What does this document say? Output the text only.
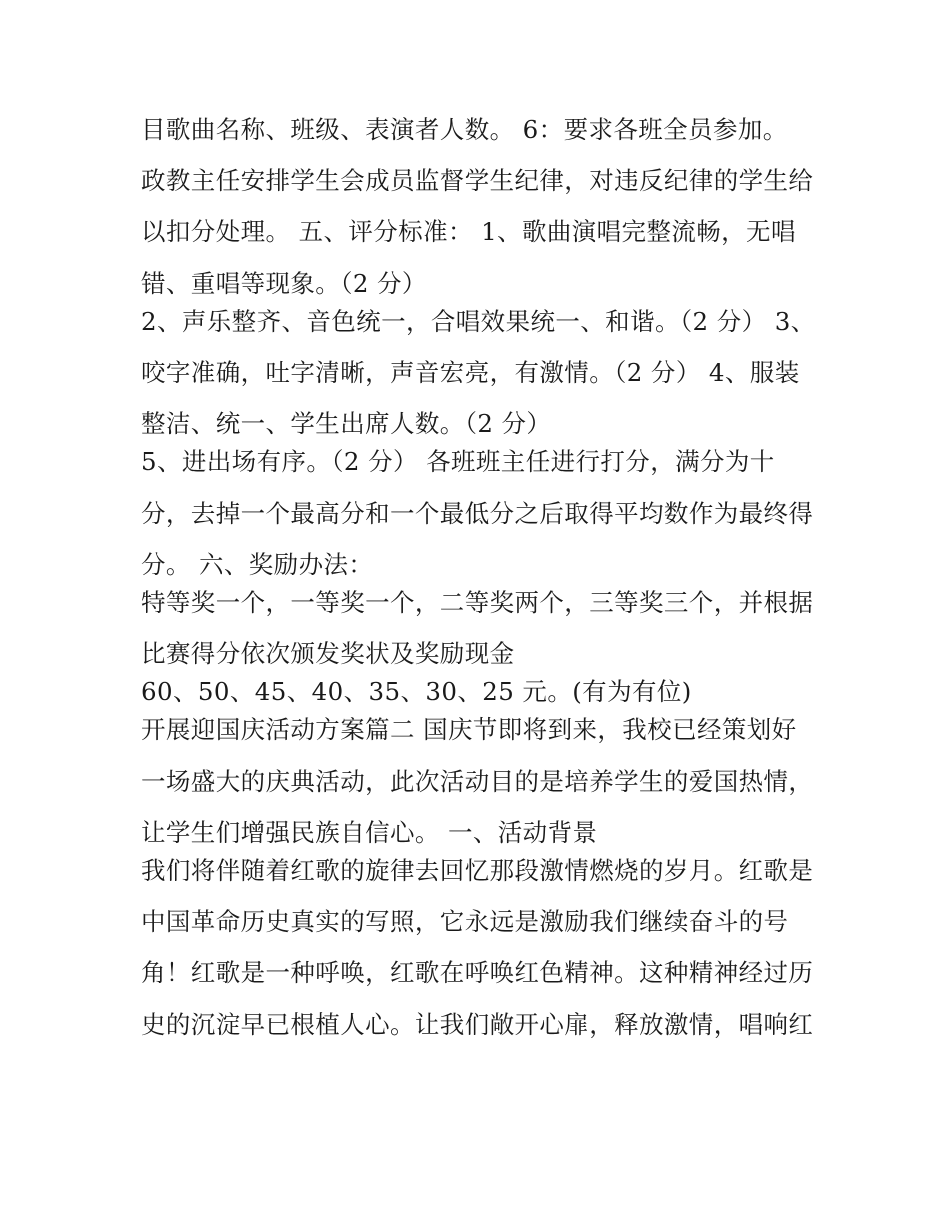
目歌曲名称、班级、表演者人数。 6：要求各班全员参加。
政教主任安排学生会成员监督学生纪律，对违反纪律的学生给
以扣分处理。 五、评分标准： 1、歌曲演唱完整流畅，无唱
错、重唱等现象。（2 分）
2、声乐整齐、音色统一，合唱效果统一、和谐。（2 分） 3、
咬字准确，吐字清晰，声音宏亮，有激情。（2 分） 4、服装
整洁、统一、学生出席人数。（2 分）
5、进出场有序。（2 分） 各班班主任进行打分，满分为十
分，去掉一个最高分和一个最低分之后取得平均数作为最终得
分。 六、奖励办法：
特等奖一个，一等奖一个，二等奖两个，三等奖三个，并根据
比赛得分依次颁发奖状及奖励现金
60、50、45、40、35、30、25 元。(有为有位)
开展迎国庆活动方案篇二 国庆节即将到来，我校已经策划好
一场盛大的庆典活动，此次活动目的是培养学生的爱国热情，
让学生们增强民族自信心。 一、活动背景
我们将伴随着红歌的旋律去回忆那段激情燃烧的岁月。红歌是
中国革命历史真实的写照，它永远是激励我们继续奋斗的号
角！红歌是一种呼唤，红歌在呼唤红色精神。这种精神经过历
史的沉淀早已根植人心。让我们敞开心扉，释放激情，唱响红
